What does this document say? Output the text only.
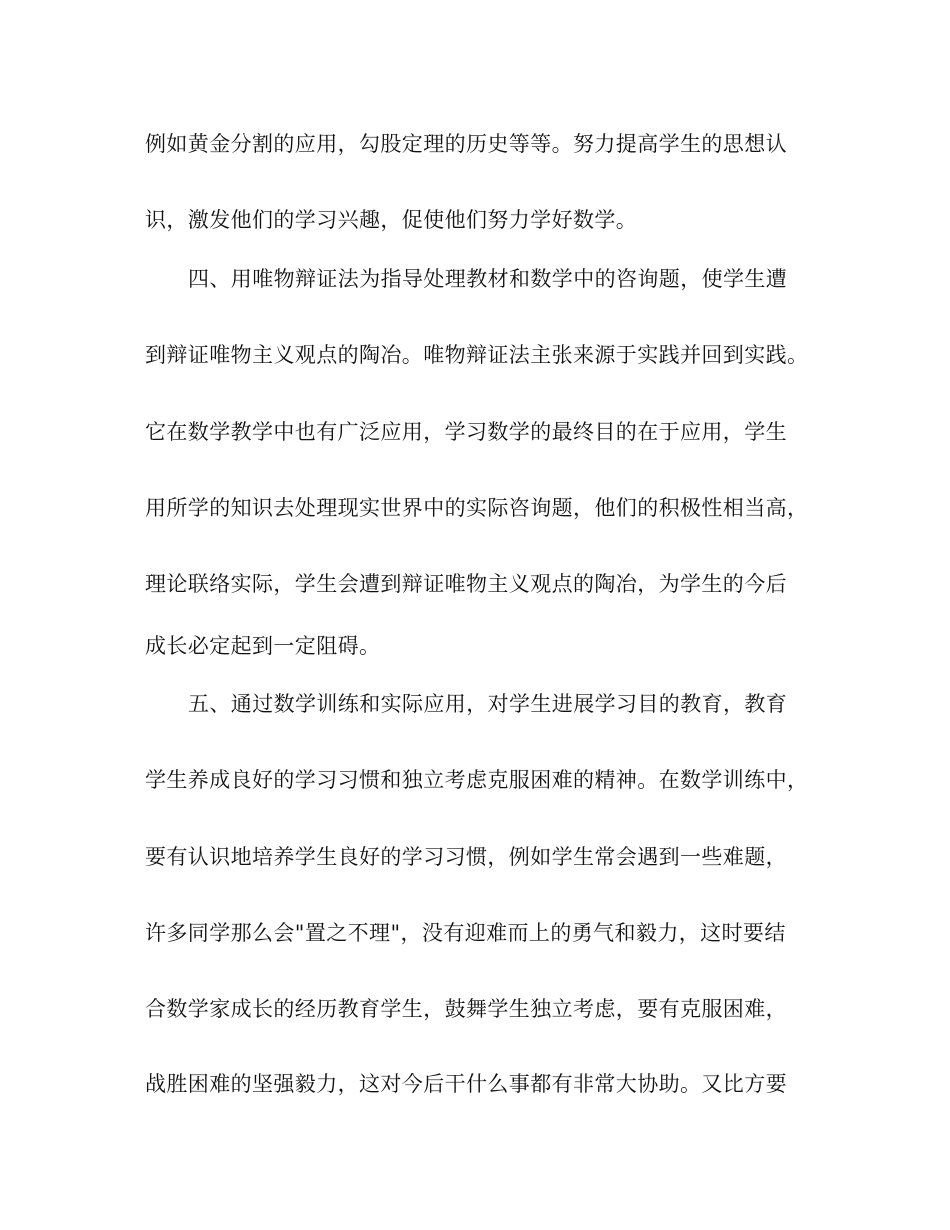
例如黄金分割的应用，勾股定理的历史等等。努力提高学生的思想认
识，激发他们的学习兴趣，促使他们努力学好数学。
四、用唯物辩证法为指导处理教材和数学中的咨询题，使学生遭
到辩证唯物主义观点的陶冶。唯物辩证法主张来源于实践并回到实践。
它在数学教学中也有广泛应用，学习数学的最终目的在于应用，学生
用所学的知识去处理现实世界中的实际咨询题，他们的积极性相当高，
理论联络实际，学生会遭到辩证唯物主义观点的陶冶，为学生的今后
成长必定起到一定阻碍。
五、通过数学训练和实际应用，对学生进展学习目的教育，教育
学生养成良好的学习习惯和独立考虑克服困难的精神。在数学训练中，
要有认识地培养学生良好的学习习惯，例如学生常会遇到一些难题，
许多同学那么会"置之不理"，没有迎难而上的勇气和毅力，这时要结
合数学家成长的经历教育学生，鼓舞学生独立考虑，要有克服困难，
战胜困难的坚强毅力，这对今后干什么事都有非常大协助。又比方要
